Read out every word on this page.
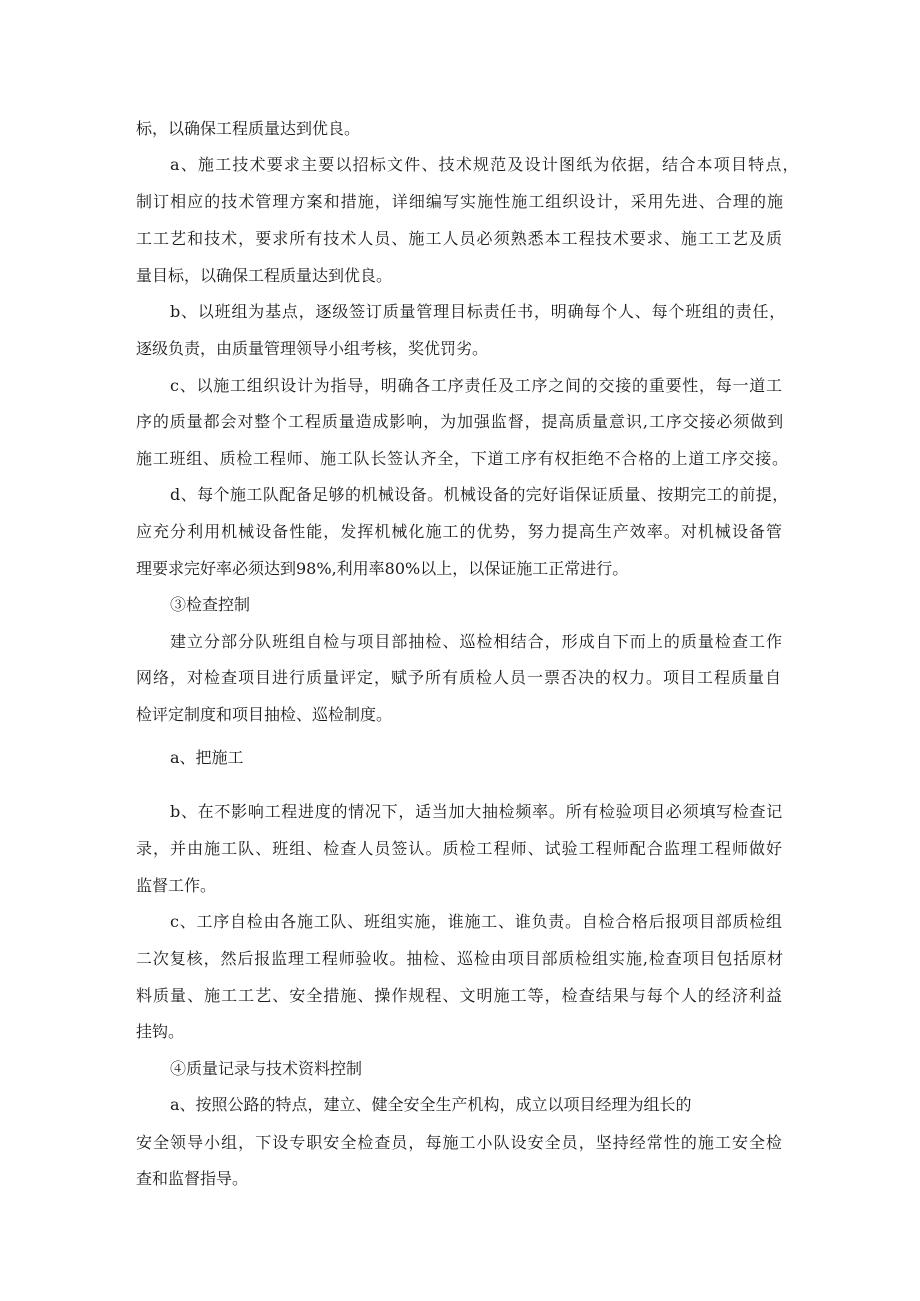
标，以确保工程质量达到优良。
a、施工技术要求主要以招标文件、技术规范及设计图纸为依据，结合本项目特点，
制订相应的技术管理方案和措施，详细编写实施性施工组织设计，采用先进、合理的施
工工艺和技术，要求所有技术人员、施工人员必须熟悉本工程技术要求、施工工艺及质
量目标，以确保工程质量达到优良。
b、以班组为基点，逐级签订质量管理目标责任书，明确每个人、每个班组的责任，
逐级负责，由质量管理领导小组考核，奖优罚劣。
c、以施工组织设计为指导，明确各工序责任及工序之间的交接的重要性，每一道工
序的质量都会对整个工程质量造成影响，为加强监督，提高质量意识,工序交接必须做到
施工班组、质检工程师、施工队长签认齐全，下道工序有权拒绝不合格的上道工序交接。
d、每个施工队配备足够的机械设备。机械设备的完好诣保证质量、按期完工的前提，
应充分利用机械设备性能，发挥机械化施工的优势，努力提高生产效率。对机械设备管
理要求完好率必须达到98%,利用率80%以上，以保证施工正常进行。
③检查控制
建立分部分队班组自检与项目部抽检、巡检相结合，形成自下而上的质量检查工作
网络，对检查项目进行质量评定，赋予所有质检人员一票否决的权力。项目工程质量自
检评定制度和项目抽检、巡检制度。
a、把施工
b、在不影响工程进度的情况下，适当加大抽检频率。所有检验项目必须填写检查记
录，并由施工队、班组、检查人员签认。质检工程师、试验工程师配合监理工程师做好
监督工作。
c、工序自检由各施工队、班组实施，谁施工、谁负责。自检合格后报项目部质检组
二次复核，然后报监理工程师验收。抽检、巡检由项目部质检组实施,检查项目包括原材
料质量、施工工艺、安全措施、操作规程、文明施工等，检查结果与每个人的经济利益
挂钩。
④质量记录与技术资料控制
a、按照公路的特点，建立、健全安全生产机构，成立以项目经理为组长的
安全领导小组，下设专职安全检查员，每施工小队设安全员，坚持经常性的施工安全检
查和监督指导。
